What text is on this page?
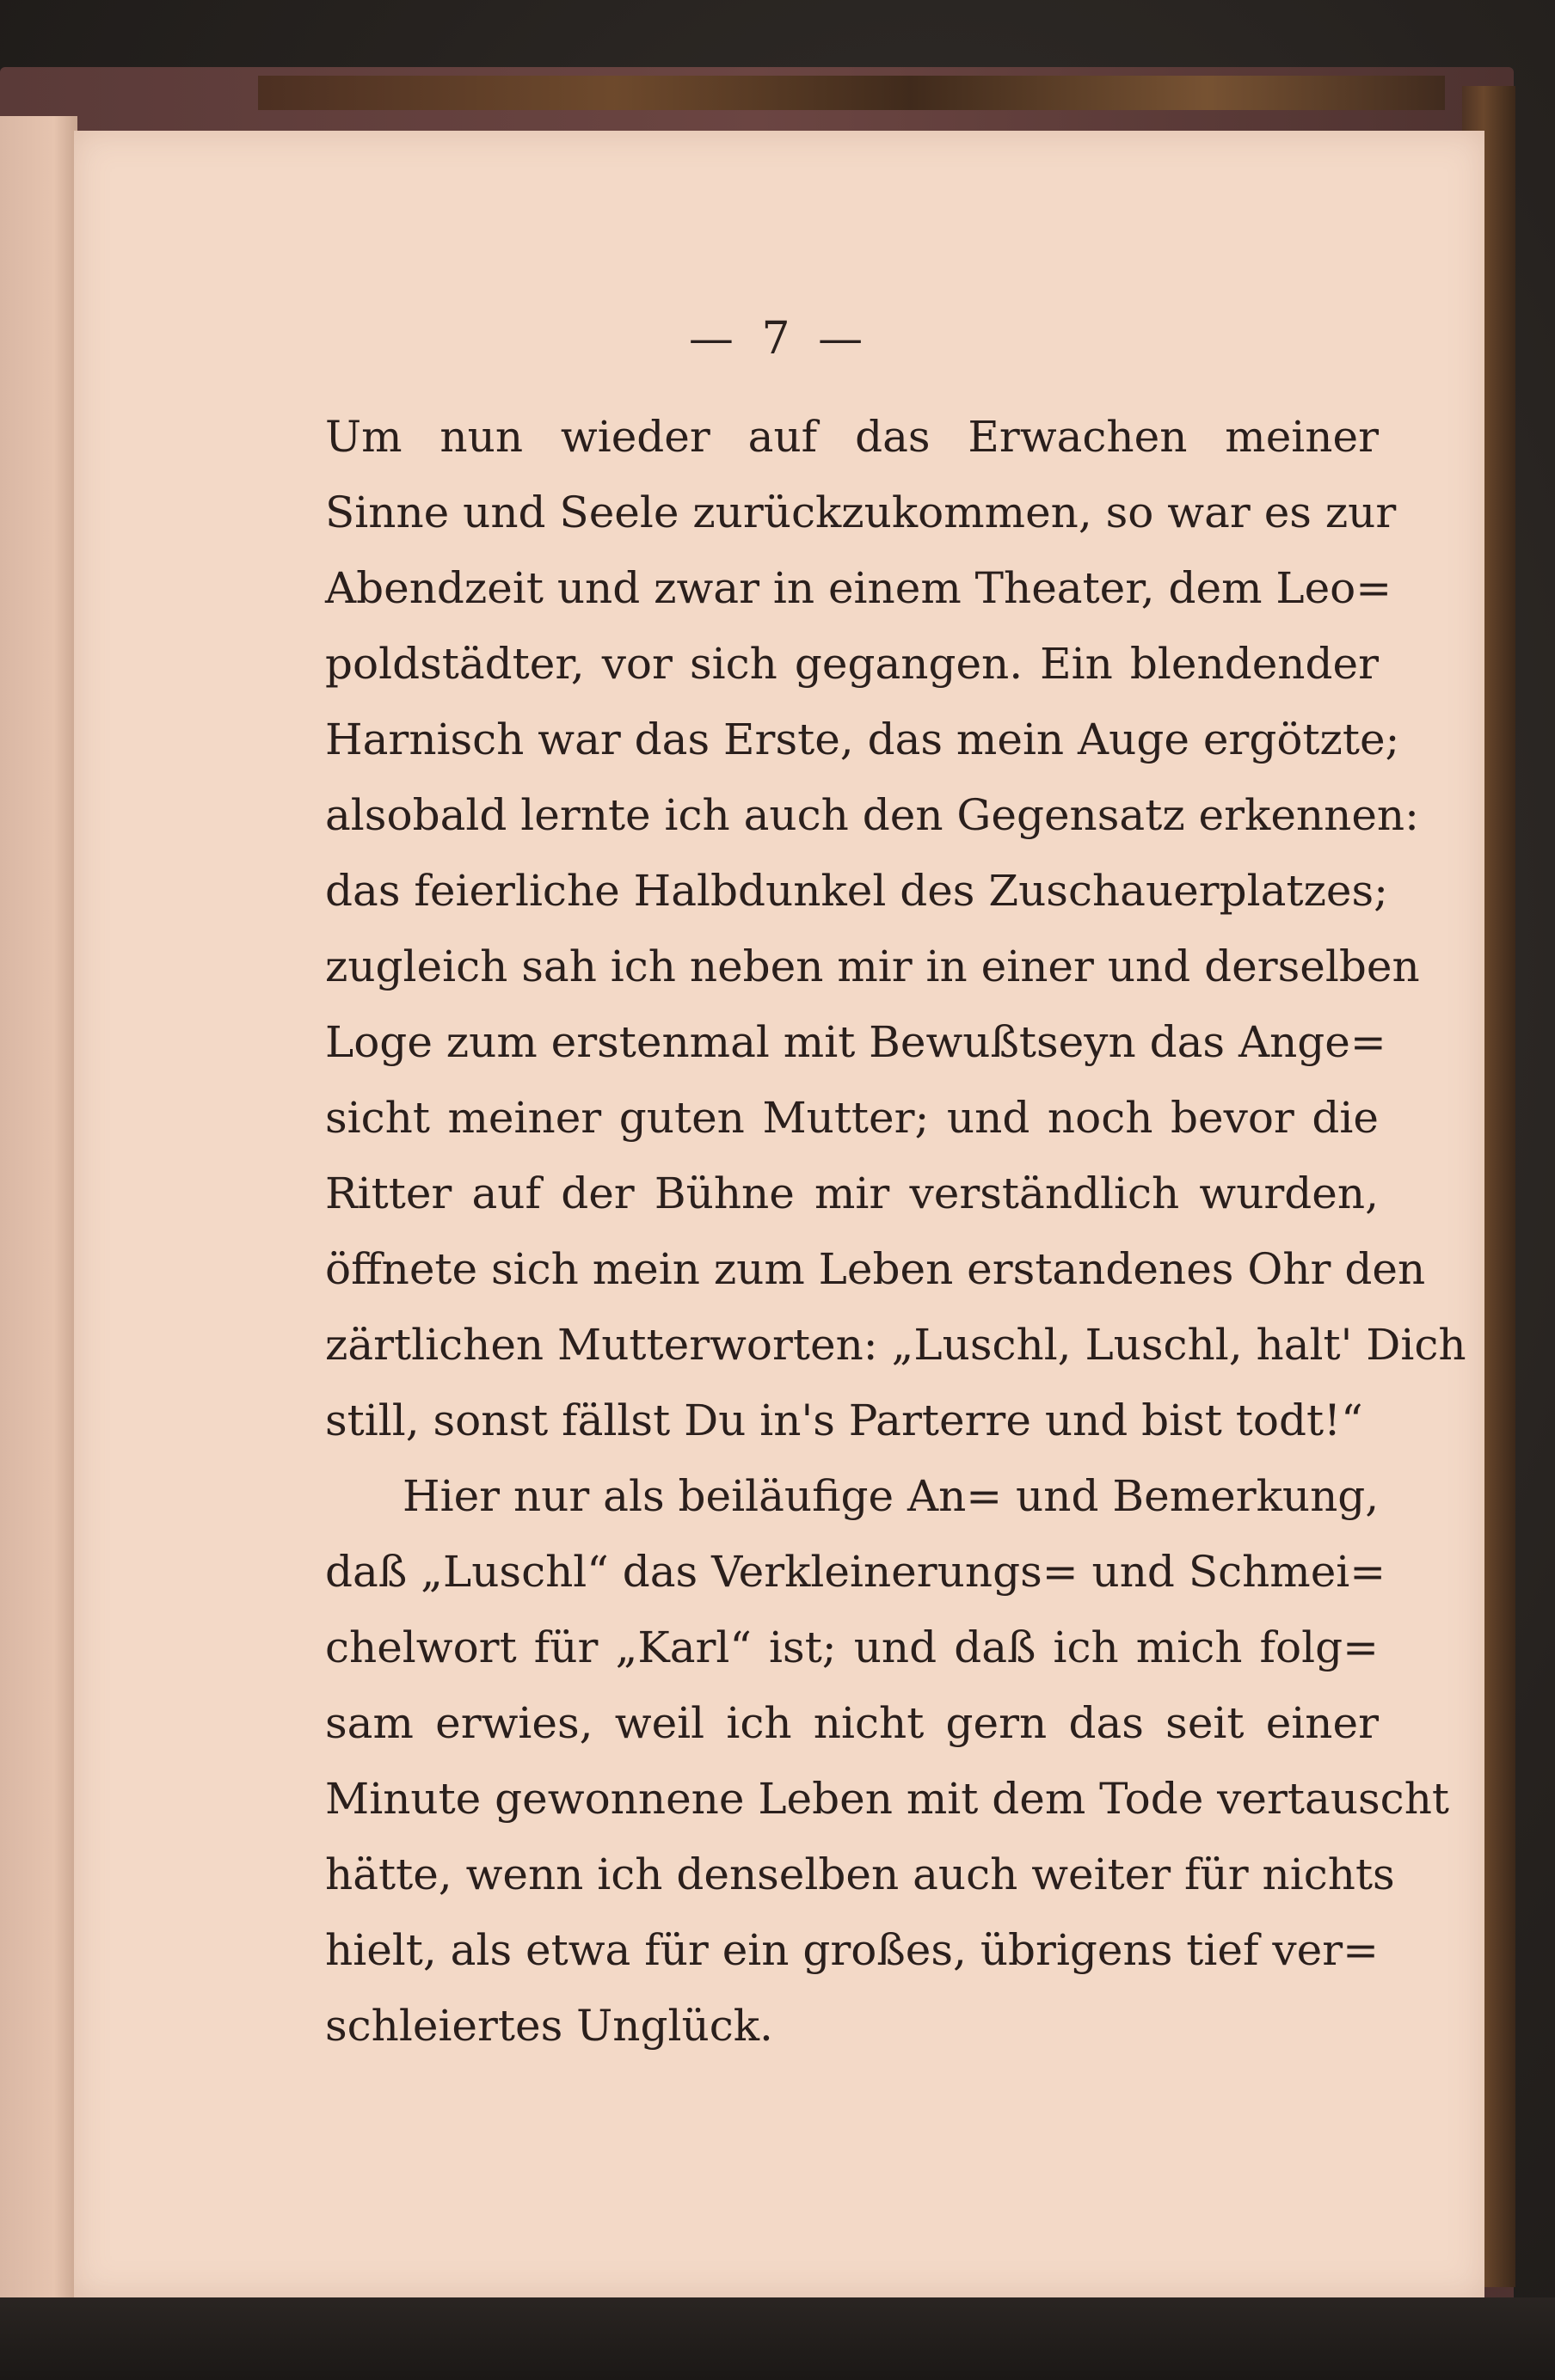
— 7 —
Um nun wieder auf das Erwachen meiner
Sinne und Seele zurückzukommen, so war es zur
Abendzeit und zwar in einem Theater, dem Leo=
poldstädter, vor sich gegangen. Ein blendender
Harnisch war das Erste, das mein Auge ergötzte;
alsobald lernte ich auch den Gegensatz erkennen:
das feierliche Halbdunkel des Zuschauerplatzes;
zugleich sah ich neben mir in einer und derselben
Loge zum erstenmal mit Bewußtseyn das Ange=
sicht meiner guten Mutter; und noch bevor die
Ritter auf der Bühne mir verständlich wurden,
öffnete sich mein zum Leben erstandenes Ohr den
zärtlichen Mutterworten: „Luschl, Luschl, halt' Dich
still, sonst fällst Du in's Parterre und bist todt!“
Hier nur als beiläufige An= und Bemerkung,
daß „Luschl“ das Verkleinerungs= und Schmei=
chelwort für „Karl“ ist; und daß ich mich folg=
sam erwies, weil ich nicht gern das seit einer
Minute gewonnene Leben mit dem Tode vertauscht
hätte, wenn ich denselben auch weiter für nichts
hielt, als etwa für ein großes, übrigens tief ver=
schleiertes Unglück.
